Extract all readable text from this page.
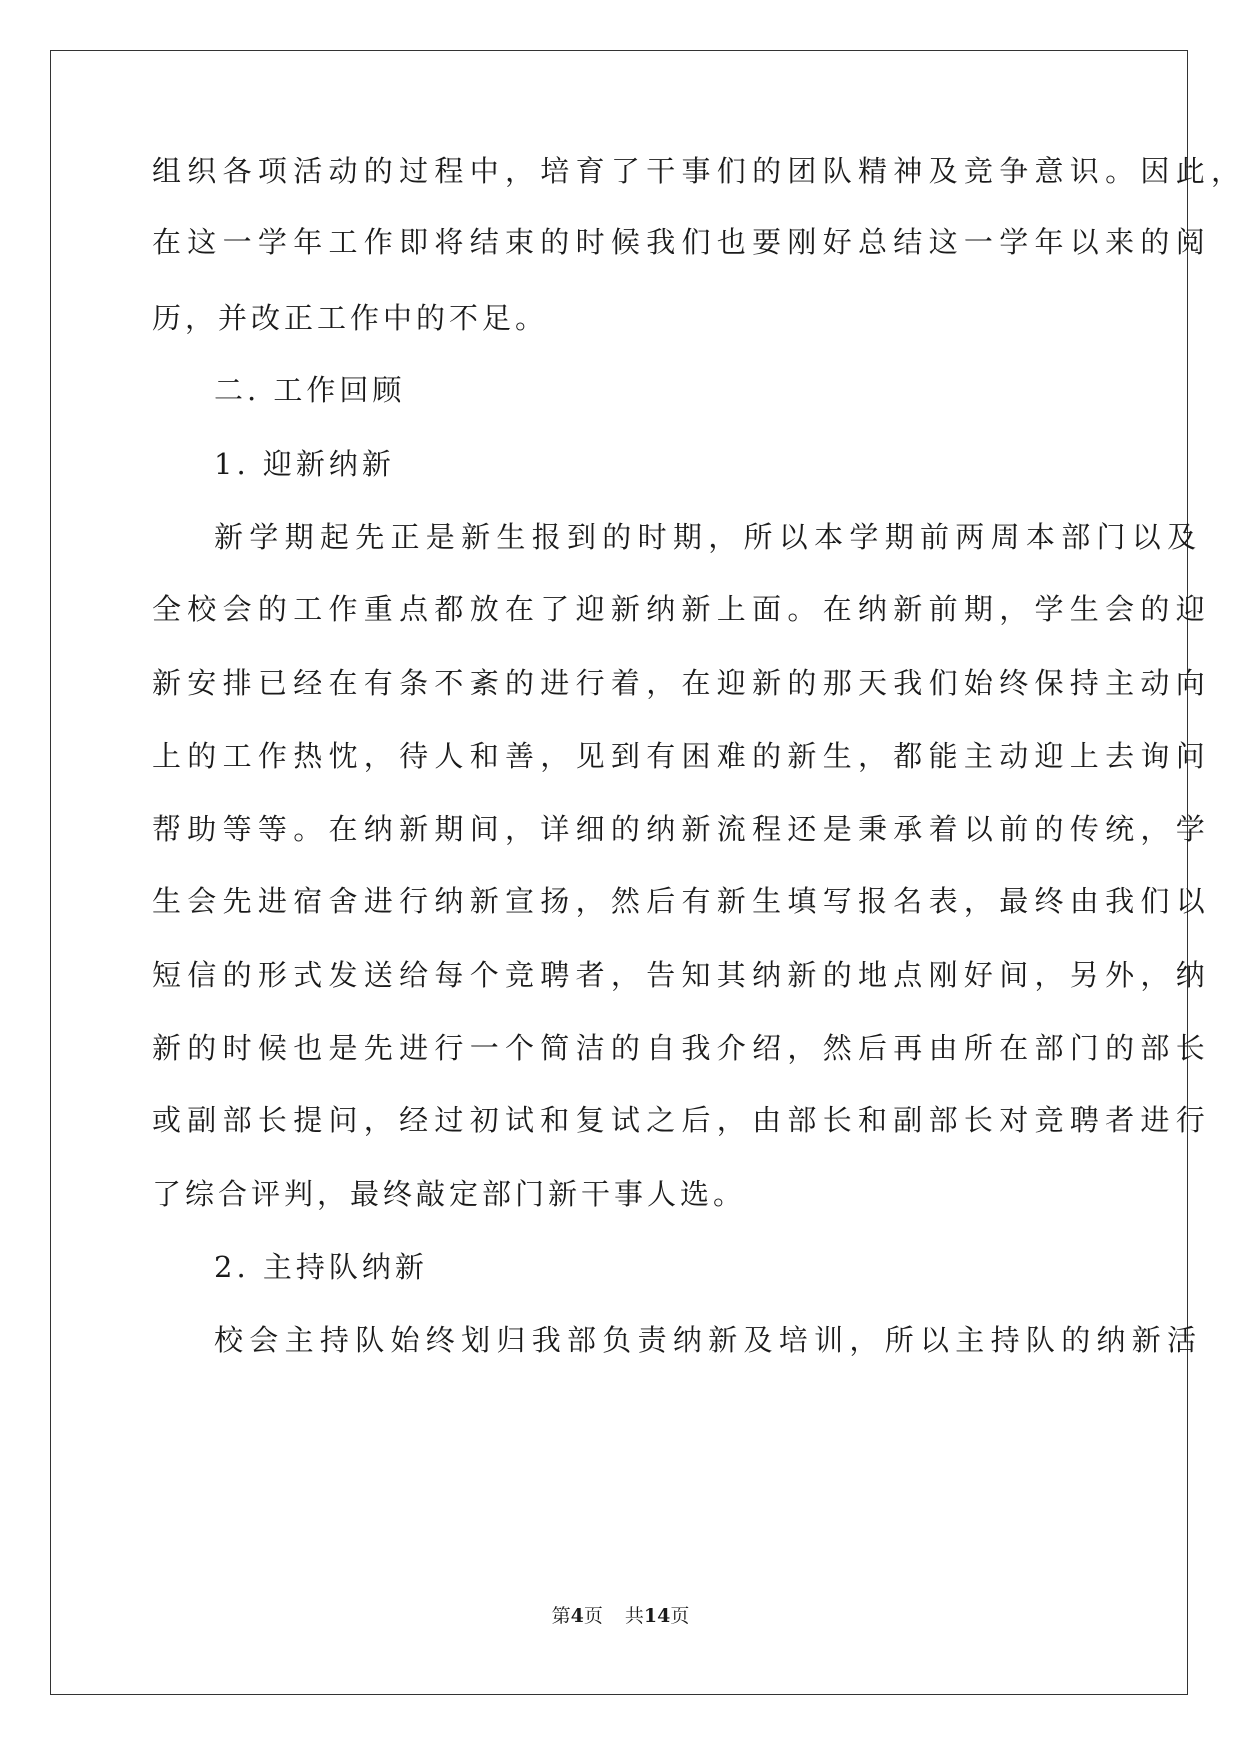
组织各项活动的过程中，培育了干事们的团队精神及竞争意识。因此，
在这一学年工作即将结束的时候我们也要刚好总结这一学年以来的阅
历，并改正工作中的不足。
二. 工作回顾
1. 迎新纳新
新学期起先正是新生报到的时期，所以本学期前两周本部门以及
全校会的工作重点都放在了迎新纳新上面。在纳新前期，学生会的迎
新安排已经在有条不紊的进行着，在迎新的那天我们始终保持主动向
上的工作热忱，待人和善，见到有困难的新生，都能主动迎上去询问
帮助等等。在纳新期间，详细的纳新流程还是秉承着以前的传统，学
生会先进宿舍进行纳新宣扬，然后有新生填写报名表，最终由我们以
短信的形式发送给每个竞聘者，告知其纳新的地点刚好间，另外，纳
新的时候也是先进行一个简洁的自我介绍，然后再由所在部门的部长
或副部长提问，经过初试和复试之后，由部长和副部长对竞聘者进行
了综合评判，最终敲定部门新干事人选。
2. 主持队纳新
校会主持队始终划归我部负责纳新及培训，所以主持队的纳新活
第4页 共14页
